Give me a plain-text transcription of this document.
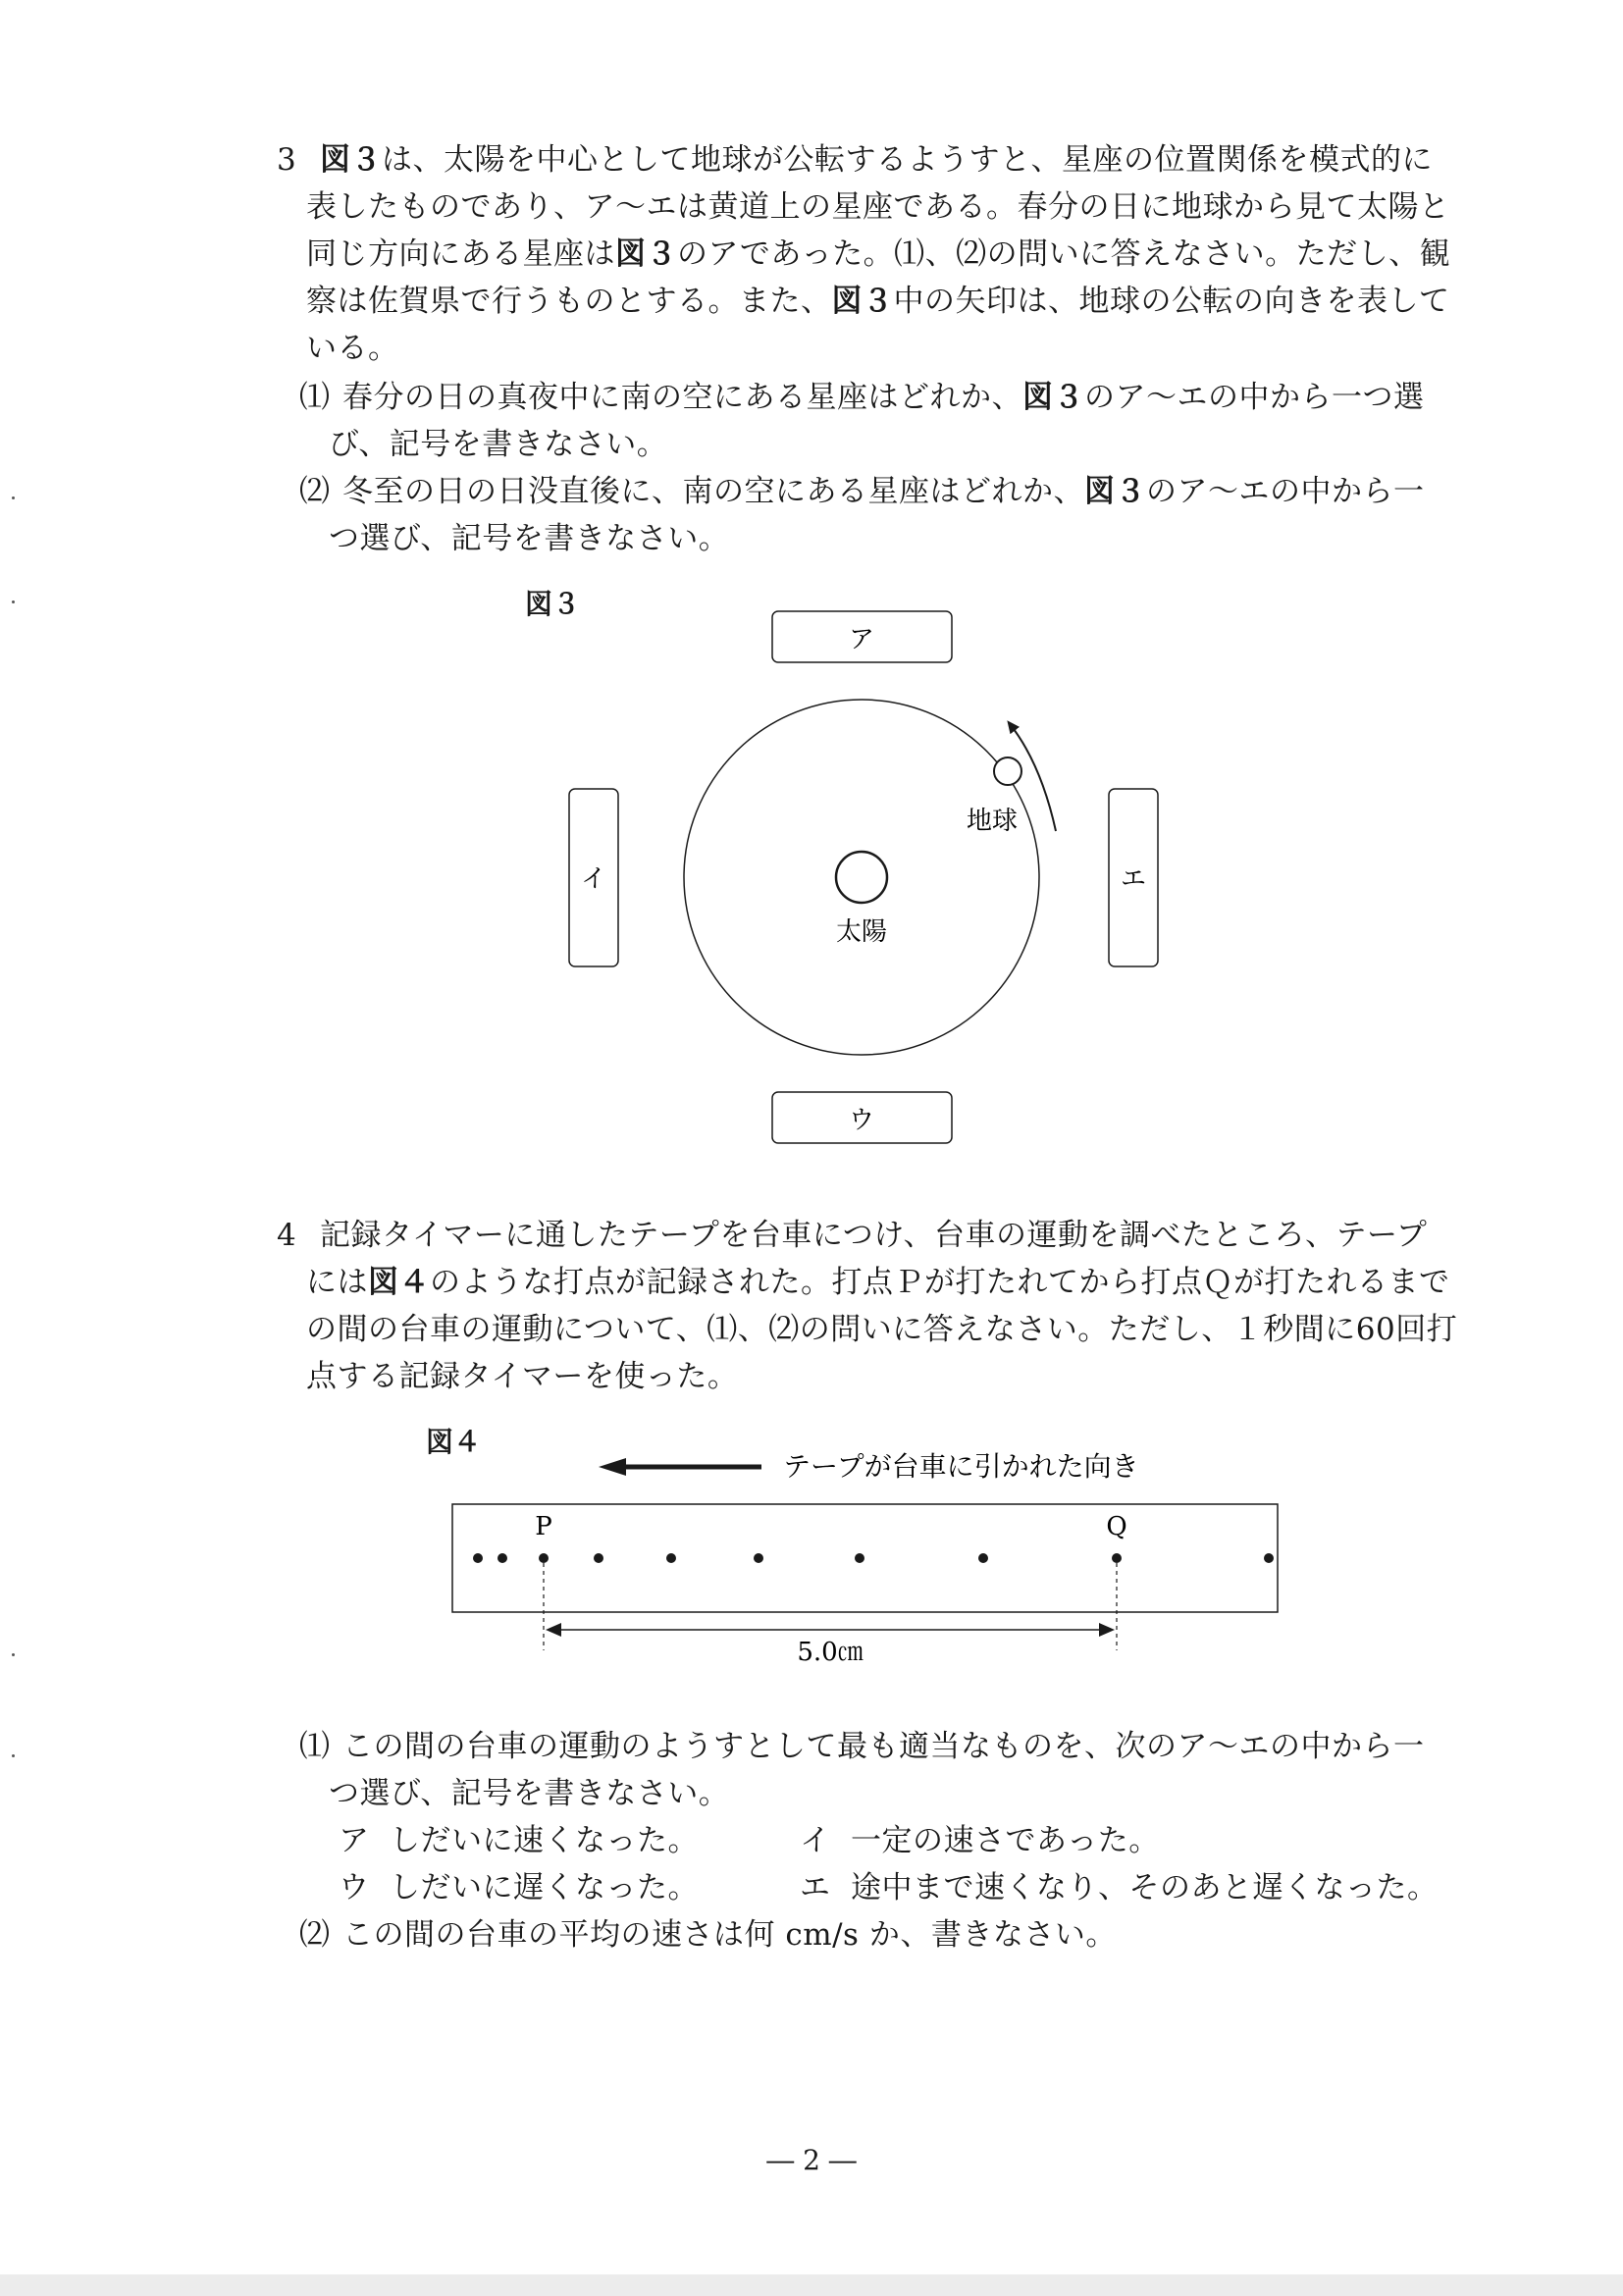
3 図３は、太陽を中心として地球が公転するようすと、星座の位置関係を模式的に
表したものであり、ア～エは黄道上の星座である。春分の日に地球から見て太陽と
同じ方向にある星座は図３のアであった。⑴、⑵の問いに答えなさい。ただし、観
察は佐賀県で行うものとする。また、図３中の矢印は、地球の公転の向きを表して
いる。
⑴ 春分の日の真夜中に南の空にある星座はどれか、図３のア～エの中から一つ選
び、記号を書きなさい。
⑵ 冬至の日の日没直後に、南の空にある星座はどれか、図３のア～エの中から一
つ選び、記号を書きなさい。
図３
ア
イ	エ
ウ
太陽
地球
4 記録タイマーに通したテープを台車につけ、台車の運動を調べたところ、テープ
には図４のような打点が記録された。打点Ｐが打たれてから打点Ｑが打たれるまで
の間の台車の運動について、⑴、⑵の問いに答えなさい。ただし、１秒間に60回打
点する記録タイマーを使った。
図４
テープが台車に引かれた向き
P	Q
5.0㎝
⑴ この間の台車の運動のようすとして最も適当なものを、次のア～エの中から一
つ選び、記号を書きなさい。
ア しだいに速くなった。	イ 一定の速さであった。
ウ しだいに遅くなった。	エ 途中まで速くなり、そのあと遅くなった。
⑵ この間の台車の平均の速さは何 cm/s か、書きなさい。
― 2 ―
